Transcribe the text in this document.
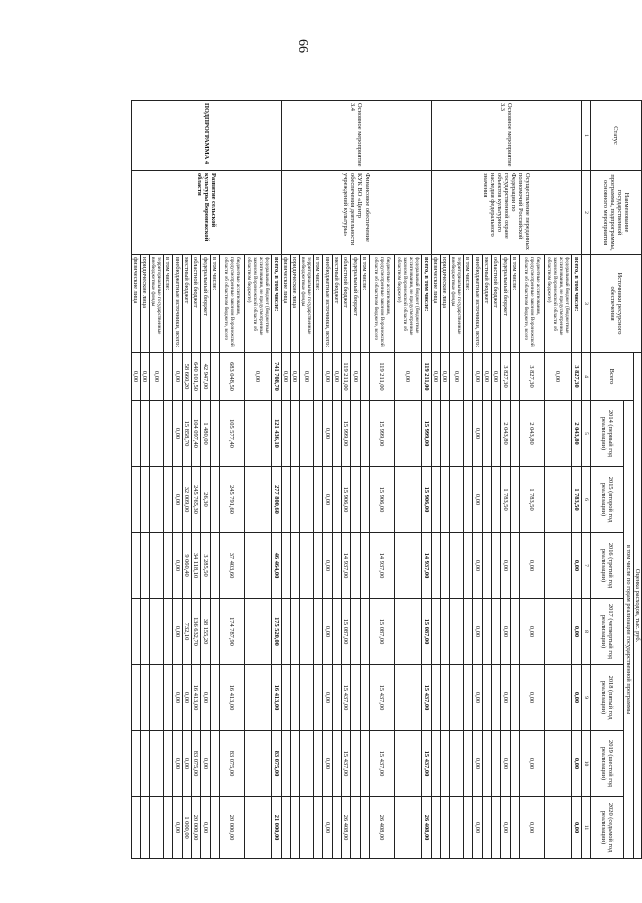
66
Статус	Наименование государственной программы, подпрограммы, основного мероприятия	Источники ресурсного обеспечения	Оценка расходов, тыс. руб.							
			Всего	в том числе по годам реализации государственной программы						
				2014 (первый год реализации)	2015 (второй год реализации)	2016 (третий год реализации)	2017 (четвертый год реализации)	2018 (пятый год реализации)	2019 (шестой год реализации)	2020 (седьмой год реализации)
1	2	3	4	5	6	7	8	9	10	11
Основное мероприятие 3.3	Осуществление переданных полномочий Российской Федерации по государственной охране объектов культурного наследия федерального значения	всего, в том числе:	3 827,30	2 043,80	1 783,50	0,00	0,00	0,00	0,00	0,00
		федеральный бюджет (бюджетные ассигнования, не предусмотренные законом Воронежской области об областном бюджете)	0,00							
		бюджетные ассигнования, предусмотренные законом Воронежской области об областном бюджете, всего	3 827,30	2 043,80	1 783,50	0,00	0,00	0,00	0,00	0,00
		в том числе:								
		федеральный бюджет	3 827,30	2 043,80	1 783,50	0,00	0,00	0,00	0,00	0,00
		областной бюджет	0,00							
		местный бюджет	0,00							
		внебюджетные источники, всего:	0,00	0,00	0,00	0,00	0,00	0,00	0,00	0,00
		в том числе:								
		территориальные государственные внебюджетные фонды	0,00							
		юридические лица	0,00							
		физические лица	0,00							
Основное мероприятие 3.4	Финансовое обеспечение КУК ВО «Центр обеспечения деятельности учреждений культуры»	всего, в том числе:	119 211,00	15 999,00	15 906,00	14 937,00	15 087,00	15 437,00	15 437,00	26 408,00
		федеральный бюджет (бюджетные ассигнования, не предусмотренные законом Воронежской области об областном бюджете)	0,00							
		бюджетные ассигнования, предусмотренные законом Воронежской области об областном бюджете, всего	119 211,00	15 999,00	15 906,00	14 937,00	15 087,00	15 437,00	15 437,00	26 408,00
		в том числе:								
		федеральный бюджет	0,00							
		областной бюджет	119 211,00	15 999,00	15 906,00	14 937,00	15 087,00	15 437,00	15 437,00	26 408,00
		местный бюджет	0,00							
		внебюджетные источники, всего:	0,00	0,00	0,00	0,00	0,00	0,00	0,00	0,00
		в том числе:								
		территориальные государственные внебюджетные фонды	0,00							
		юридические лица	0,00							
		физические лица	0,00							
ПОДПРОГРАММА 4	Развитие сельской культуры Воронежской области	всего, в том числе:	741 708,70	121 436,10	277 800,60	46 464,00	175 520,00	16 413,00	83 075,00	21 000,00
		федеральный бюджет (бюджетные ассигнования, не предусмотренные законом Воронежской области об областном бюджете)	0,00							
		бюджетные ассигнования, предусмотренные законом Воронежской области об областном бюджете, всего	683 048,50	105 577,40	245 791,60	37 403,60	174 787,90	16 413,00	83 075,00	20 000,00
		в том числе:								
		федеральный бюджет	42 947,00	1 480,00	26,30	3 285,50	38 155,20	0,00	0,00	0,00
		областной бюджет	640 101,50	104 097,40	245 765,30	34 118,10	136 632,70	16 413,00	83 075,00	20 000,00
		местный бюджет	58 660,20	15 858,70	32 009,00	9 060,40	732,10	0,00	0,00	1 000,00
		внебюджетные источники, всего:	0,00	0,00	0,00	0,00	0,00	0,00	0,00	0,00
		в том числе:								
		территориальные государственные внебюджетные фонды	0,00							
		юридические лица	0,00							
		физические лица	0,00							
